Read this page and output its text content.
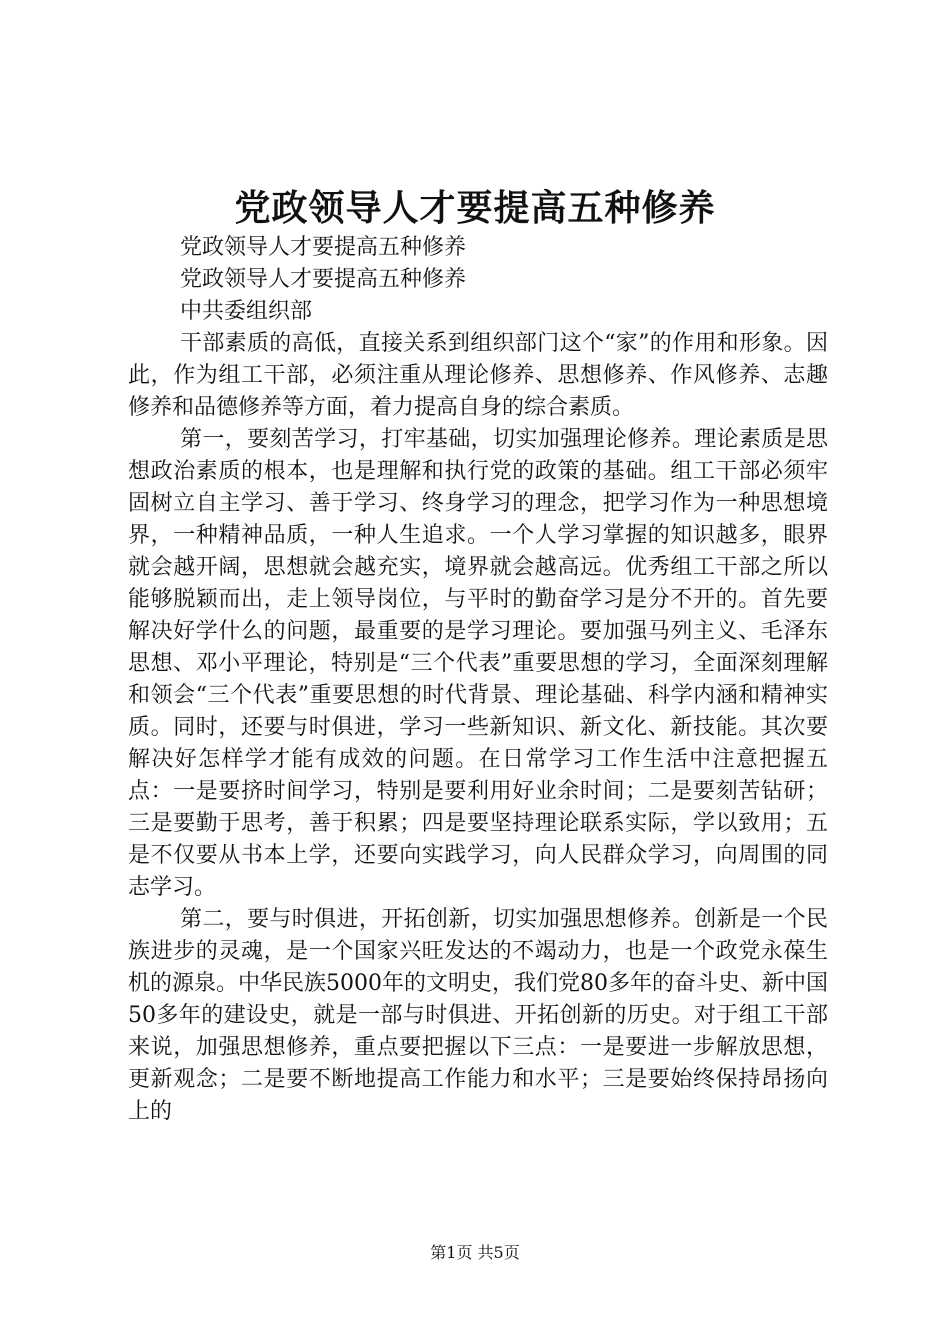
党政领导人才要提高五种修养

党政领导人才要提高五种修养

党政领导人才要提高五种修养

中共委组织部

干部素质的高低，直接关系到组织部门这个“家”的作用和形象。因此，作为组工干部，必须注重从理论修养、思想修养、作风修养、志趣修养和品德修养等方面，着力提高自身的综合素质。

第一，要刻苦学习，打牢基础，切实加强理论修养。理论素质是思想政治素质的根本，也是理解和执行党的政策的基础。组工干部必须牢固树立自主学习、善于学习、终身学习的理念，把学习作为一种思想境界，一种精神品质，一种人生追求。一个人学习掌握的知识越多，眼界就会越开阔，思想就会越充实，境界就会越高远。优秀组工干部之所以能够脱颖而出，走上领导岗位，与平时的勤奋学习是分不开的。首先要解决好学什么的问题，最重要的是学习理论。要加强马列主义、毛泽东思想、邓小平理论，特别是“三个代表”重要思想的学习，全面深刻理解和领会“三个代表”重要思想的时代背景、理论基础、科学内涵和精神实质。同时，还要与时俱进，学习一些新知识、新文化、新技能。其次要解决好怎样学才能有成效的问题。在日常学习工作生活中注意把握五点：一是要挤时间学习，特别是要利用好业余时间；二是要刻苦钻研；三是要勤于思考，善于积累；四是要坚持理论联系实际，学以致用；五是不仅要从书本上学，还要向实践学习，向人民群众学习，向周围的同志学习。

第二，要与时俱进，开拓创新，切实加强思想修养。创新是一个民族进步的灵魂，是一个国家兴旺发达的不竭动力，也是一个政党永葆生机的源泉。中华民族5000年的文明史，我们党80多年的奋斗史、新中国50多年的建设史，就是一部与时俱进、开拓创新的历史。对于组工干部来说，加强思想修养，重点要把握以下三点：一是要进一步解放思想，更新观念；二是要不断地提高工作能力和水平；三是要始终保持昂扬向上的

第1页 共5页
